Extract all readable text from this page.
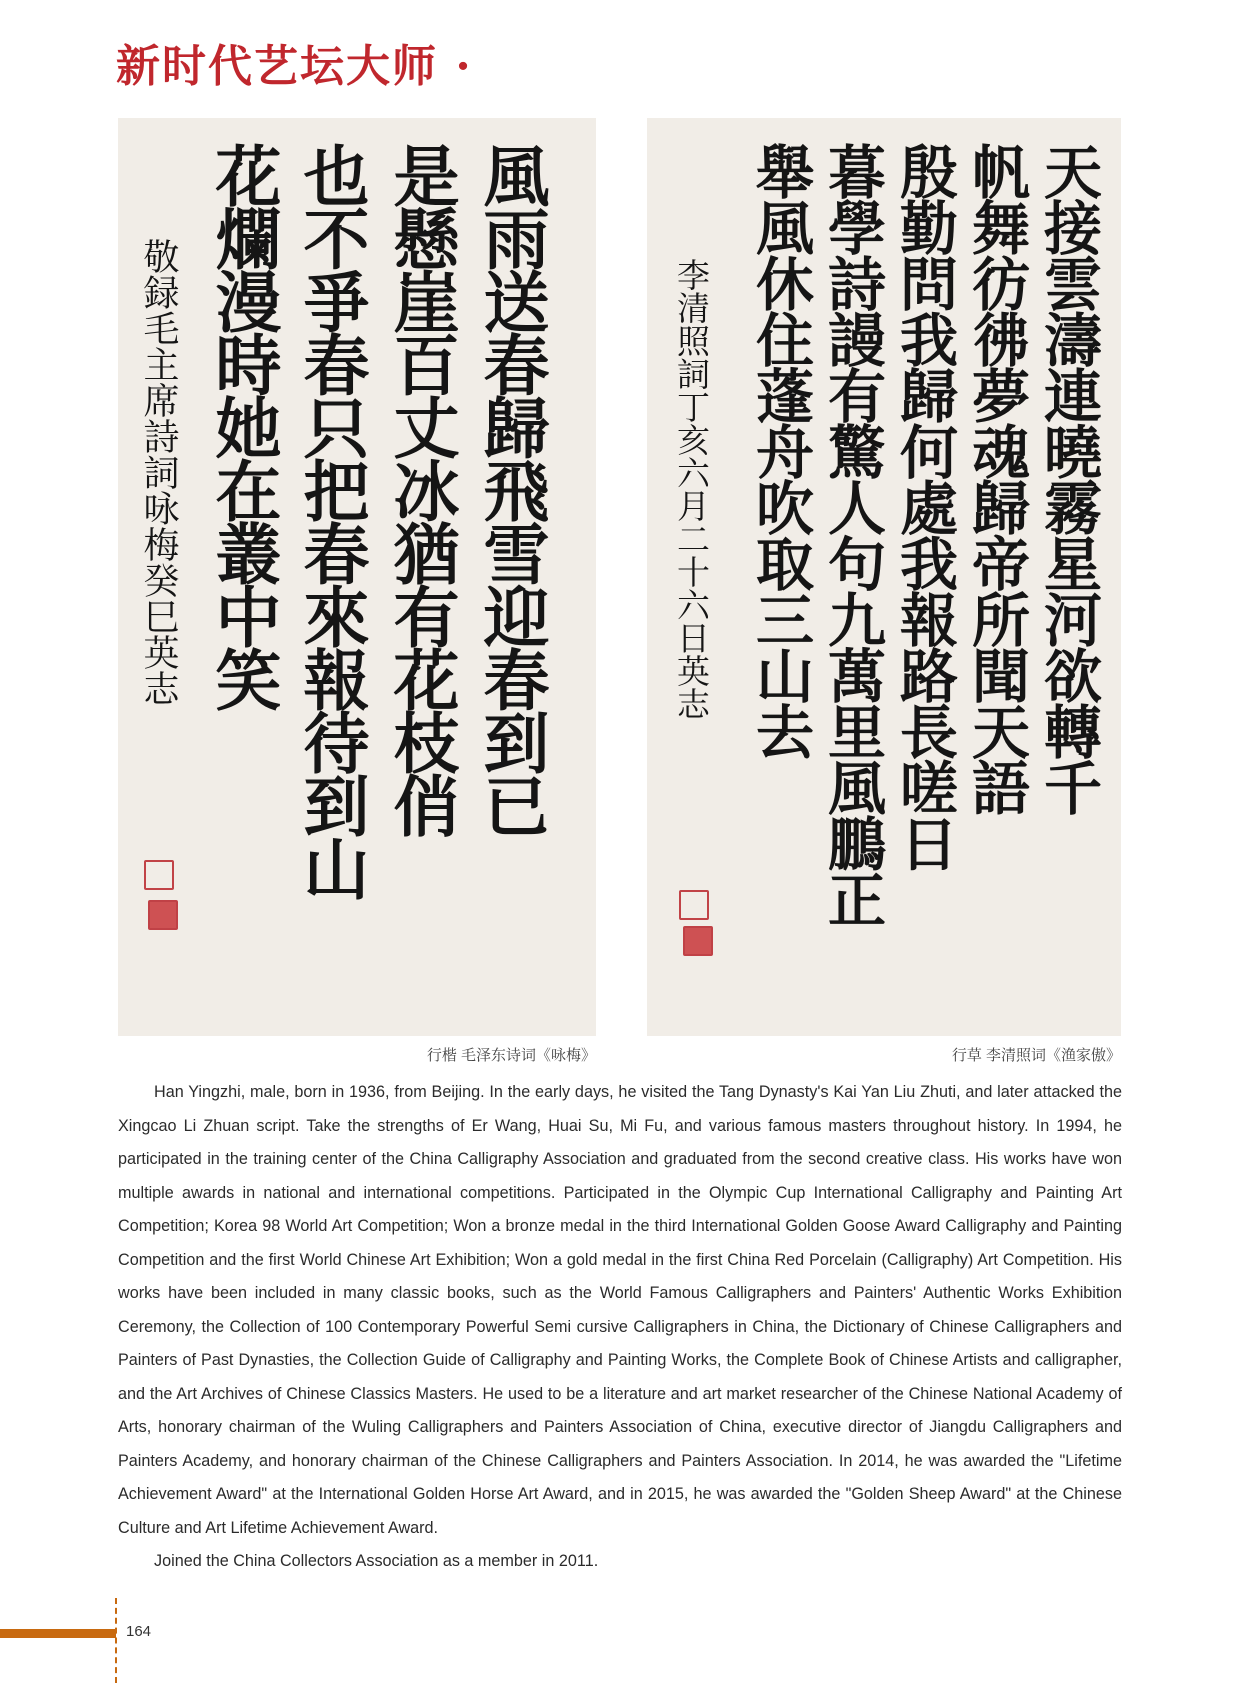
新时代艺坛大师 ·
風雨送春歸飛雪迎春到已
是懸崖百丈冰猶有花枝俏
也不爭春只把春來報待到山
花爛漫時她在叢中笑
敬録毛主席詩詞咏梅癸巳英志	天接雲濤連曉霧星河欲轉千
帆舞彷彿夢魂歸帝所聞天語
殷勤問我歸何處我報路長嗟日
暮學詩謾有驚人句九萬里風鵬正
舉風休住蓬舟吹取三山去
李清照詞丁亥六月二十六日英志
行楷 毛泽东诗词《咏梅》	行草 李清照词《渔家傲》

Han Yingzhi, male, born in 1936, from Beijing. In the early days, he visited the Tang Dynasty's Kai Yan Liu Zhuti, and later attacked the Xingcao Li Zhuan script. Take the strengths of Er Wang, Huai Su, Mi Fu, and various famous masters throughout history. In 1994, he participated in the training center of the China Calligraphy Association and graduated from the second creative class. His works have won multiple awards in national and international competitions. Participated in the Olympic Cup International Calligraphy and Painting Art Competition; Korea 98 World Art Competition; Won a bronze medal in the third International Golden Goose Award Calligraphy and Painting Competition and the first World Chinese Art Exhibition; Won a gold medal in the first China Red Porcelain (Calligraphy) Art Competition. His works have been included in many classic books, such as the World Famous Calligraphers and Painters' Authentic Works Exhibition Ceremony, the Collection of 100 Contemporary Powerful Semi cursive Calligraphers in China, the Dictionary of Chinese Calligraphers and Painters of Past Dynasties, the Collection Guide of Calligraphy and Painting Works, the Complete Book of Chinese Artists and calligrapher, and the Art Archives of Chinese Classics Masters. He used to be a literature and art market researcher of the Chinese National Academy of Arts, honorary chairman of the Wuling Calligraphers and Painters Association of China, executive director of Jiangdu Calligraphers and Painters Academy, and honorary chairman of the Chinese Calligraphers and Painters Association. In 2014, he was awarded the "Lifetime Achievement Award" at the International Golden Horse Art Award, and in 2015, he was awarded the "Golden Sheep Award" at the Chinese Culture and Art Lifetime Achievement Award.

Joined the China Collectors Association as a member in 2011.

164
